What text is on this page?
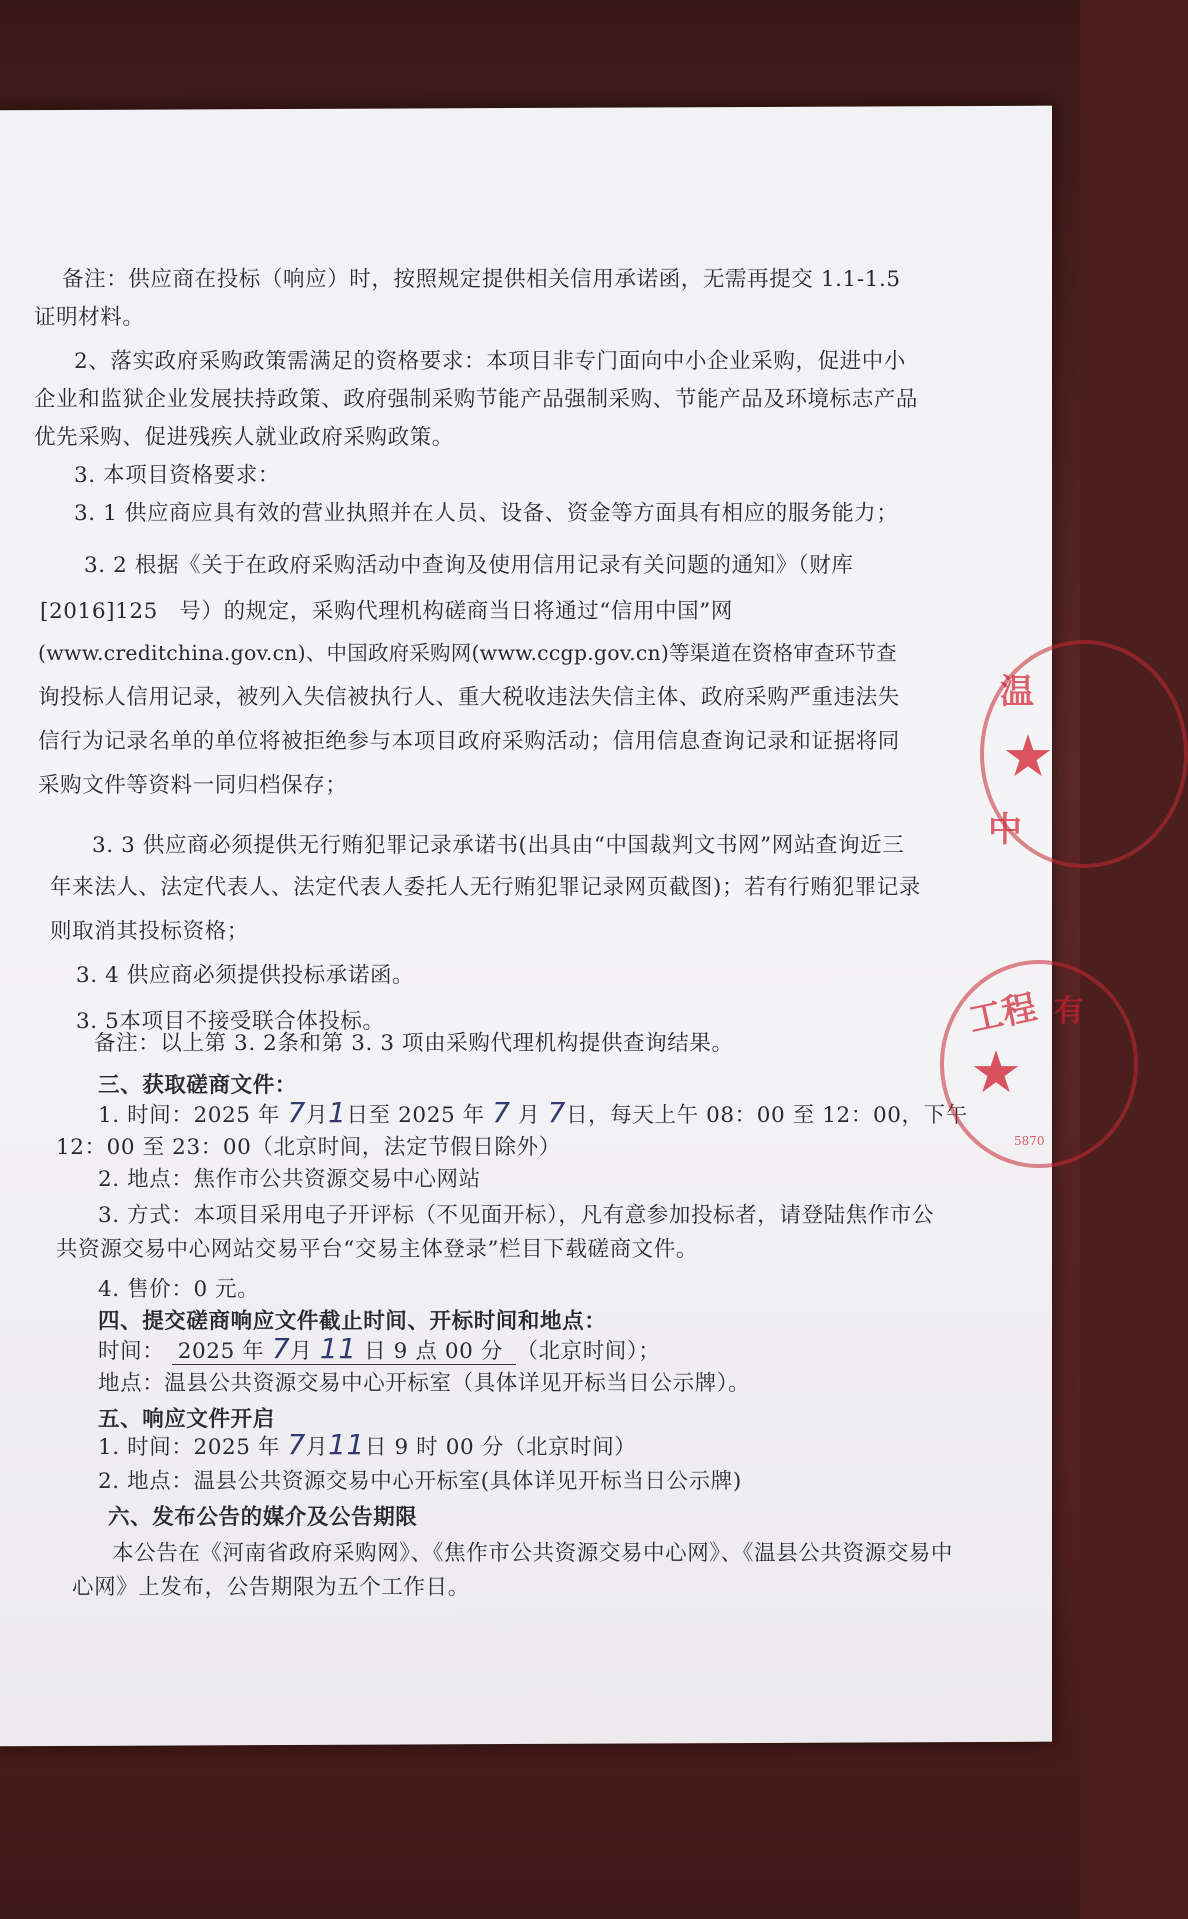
备注：供应商在投标（响应）时，按照规定提供相关信用承诺函，无需再提交 1.1-1.5
证明材料。
2、落实政府采购政策需满足的资格要求：本项目非专门面向中小企业采购，促进中小
企业和监狱企业发展扶持政策、政府强制采购节能产品强制采购、节能产品及环境标志产品
优先采购、促进残疾人就业政府采购政策。
3. 本项目资格要求：
3. 1 供应商应具有效的营业执照并在人员、设备、资金等方面具有相应的服务能力；
3. 2 根据《关于在政府采购活动中查询及使用信用记录有关问题的通知》（财库
[2016]125 号）的规定，采购代理机构磋商当日将通过“信用中国”网
(www.creditchina.gov.cn)、中国政府采购网(www.ccgp.gov.cn)等渠道在资格审查环节查
询投标人信用记录，被列入失信被执行人、重大税收违法失信主体、政府采购严重违法失
信行为记录名单的单位将被拒绝参与本项目政府采购活动；信用信息查询记录和证据将同
采购文件等资料一同归档保存；
3. 3 供应商必须提供无行贿犯罪记录承诺书(出具由“中国裁判文书网”网站查询近三
年来法人、法定代表人、法定代表人委托人无行贿犯罪记录网页截图)；若有行贿犯罪记录
则取消其投标资格；
3. 4 供应商必须提供投标承诺函。
3. 5本项目不接受联合体投标。
备注：以上第 3. 2条和第 3. 3 项由采购代理机构提供查询结果。
三、获取磋商文件：
1. 时间：2025 年 7月1日至 2025 年 7 月 7日，每天上午 08：00 至 12：00，下午
12：00 至 23：00（北京时间，法定节假日除外）
2. 地点：焦作市公共资源交易中心网站
3. 方式：本项目采用电子开评标（不见面开标），凡有意参加投标者，请登陆焦作市公
共资源交易中心网站交易平台“交易主体登录”栏目下载磋商文件。
4. 售价：0 元。
四、提交磋商响应文件截止时间、开标时间和地点：
时间： 2025 年 7月 11 日 9 点 00 分 （北京时间）；
地点：温县公共资源交易中心开标室（具体详见开标当日公示牌）。
五、响应文件开启
1. 时间：2025 年 7月11日 9 时 00 分（北京时间）
2. 地点：温县公共资源交易中心开标室(具体详见开标当日公示牌)
六、发布公告的媒介及公告期限
本公告在《河南省政府采购网》、《焦作市公共资源交易中心网》、《温县公共资源交易中
心网》上发布，公告期限为五个工作日。
温
★
中
工程 有
★
5870
